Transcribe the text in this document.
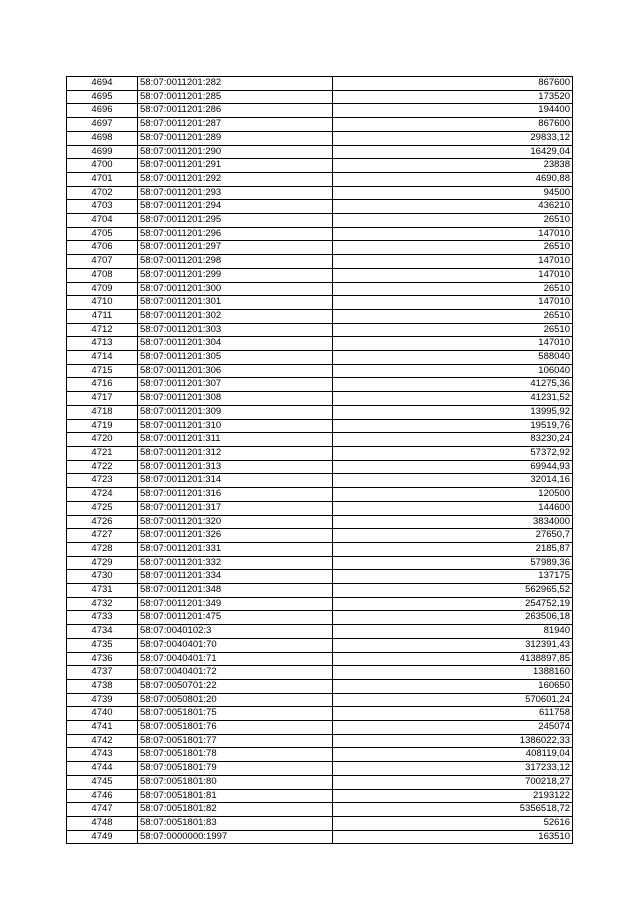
4694	58:07:0011201:282	867600
4695	58:07:0011201:285	173520
4696	58:07:0011201:286	194400
4697	58:07:0011201:287	867600
4698	58:07:0011201:289	29833,12
4699	58:07:0011201:290	16429,04
4700	58:07:0011201:291	23838
4701	58:07:0011201:292	4690,88
4702	58:07:0011201:293	94500
4703	58:07:0011201:294	436210
4704	58:07:0011201:295	26510
4705	58:07:0011201:296	147010
4706	58:07:0011201:297	26510
4707	58:07:0011201:298	147010
4708	58:07:0011201:299	147010
4709	58:07:0011201:300	26510
4710	58:07:0011201:301	147010
4711	58:07:0011201:302	26510
4712	58:07:0011201:303	26510
4713	58:07:0011201:304	147010
4714	58:07:0011201:305	588040
4715	58:07:0011201:306	106040
4716	58:07:0011201:307	41275,36
4717	58:07:0011201:308	41231,52
4718	58:07:0011201:309	13995,92
4719	58:07:0011201:310	19519,76
4720	58:07:0011201:311	83230,24
4721	58:07:0011201:312	57372,92
4722	58:07:0011201:313	69944,93
4723	58:07:0011201:314	32014,16
4724	58:07:0011201:316	120500
4725	58:07:0011201:317	144600
4726	58:07:0011201:320	3834000
4727	58:07:0011201:326	27650,7
4728	58:07:0011201:331	2185,87
4729	58:07:0011201:332	57989,36
4730	58:07:0011201:334	137175
4731	58:07:0011201:348	562965,52
4732	58:07:0011201:349	254752,19
4733	58:07:0011201:475	263506,18
4734	58:07:0040102:3	81940
4735	58:07:0040401:70	312391,43
4736	58:07:0040401:71	4138897,85
4737	58:07:0040401:72	1388160
4738	58:07:0050701:22	160650
4739	58:07:0050801:20	570601,24
4740	58:07:0051801:75	611758
4741	58:07:0051801:76	245074
4742	58:07:0051801:77	1386022,33
4743	58:07:0051801:78	408119,04
4744	58:07:0051801:79	317233,12
4745	58:07:0051801:80	700218,27
4746	58:07:0051801:81	2193122
4747	58:07:0051801:82	5356518,72
4748	58:07:0051801:83	52616
4749	58:07:0000000:1997	163510
